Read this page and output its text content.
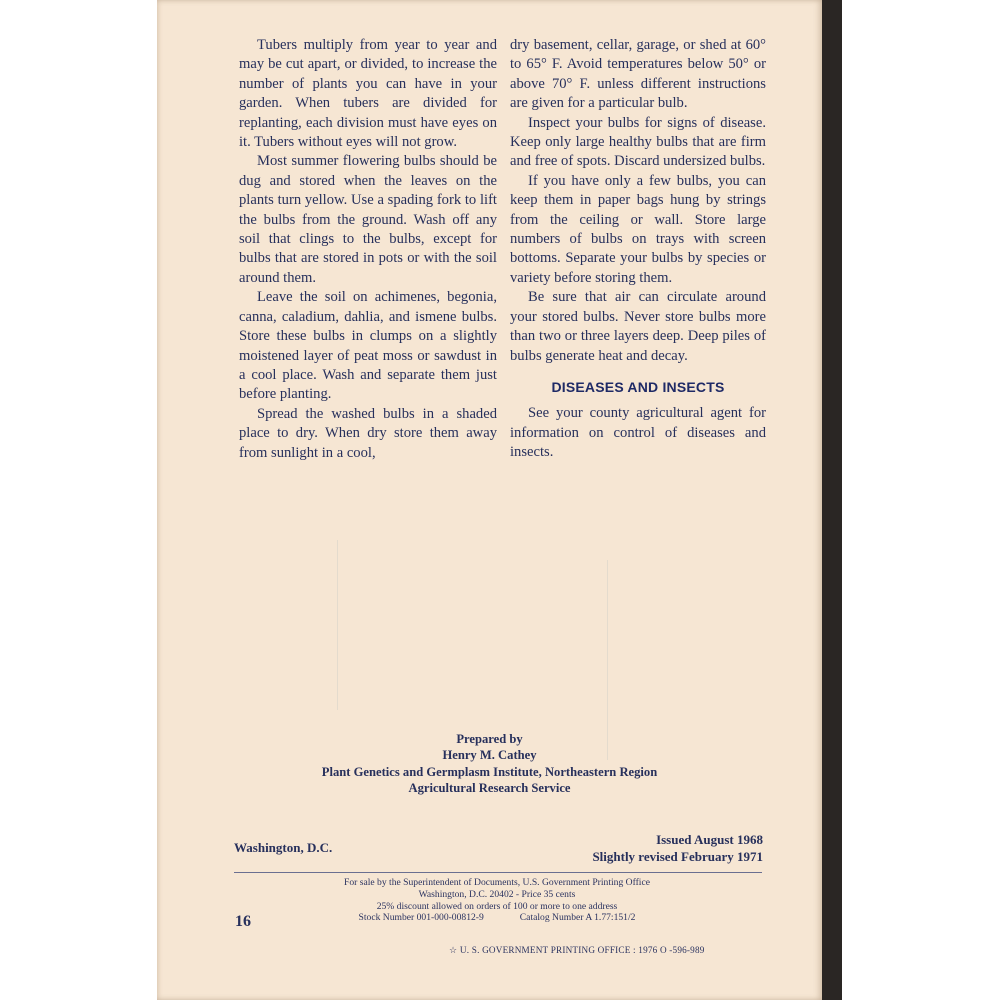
Tubers multiply from year to year and may be cut apart, or divided, to increase the number of plants you can have in your garden. When tubers are divided for replanting, each division must have eyes on it. Tubers without eyes will not grow.

Most summer flowering bulbs should be dug and stored when the leaves on the plants turn yellow. Use a spading fork to lift the bulbs from the ground. Wash off any soil that clings to the bulbs, except for bulbs that are stored in pots or with the soil around them.

Leave the soil on achimenes, begonia, canna, caladium, dahlia, and ismene bulbs. Store these bulbs in clumps on a slightly moistened layer of peat moss or sawdust in a cool place. Wash and separate them just before planting.

Spread the washed bulbs in a shaded place to dry. When dry store them away from sunlight in a cool,

dry basement, cellar, garage, or shed at 60° to 65° F. Avoid temperatures below 50° or above 70° F. unless different instructions are given for a particular bulb.

Inspect your bulbs for signs of disease. Keep only large healthy bulbs that are firm and free of spots. Discard undersized bulbs.

If you have only a few bulbs, you can keep them in paper bags hung by strings from the ceiling or wall. Store large numbers of bulbs on trays with screen bottoms. Separate your bulbs by species or variety before storing them.

Be sure that air can circulate around your stored bulbs. Never store bulbs more than two or three layers deep. Deep piles of bulbs generate heat and decay.

DISEASES AND INSECTS

See your county agricultural agent for information on control of diseases and insects.

Prepared by
Henry M. Cathey
Plant Genetics and Germplasm Institute, Northeastern Region
Agricultural Research Service
Washington, D.C.
Issued August 1968
Slightly revised February 1971
For sale by the Superintendent of Documents, U.S. Government Printing Office
Washington, D.C. 20402 - Price 35 cents
25% discount allowed on orders of 100 or more to one address
Stock Number 001-000-00812-9	Catalog Number A 1.77:151/2
16
☆ U. S. GOVERNMENT PRINTING OFFICE : 1976 O -596-989
